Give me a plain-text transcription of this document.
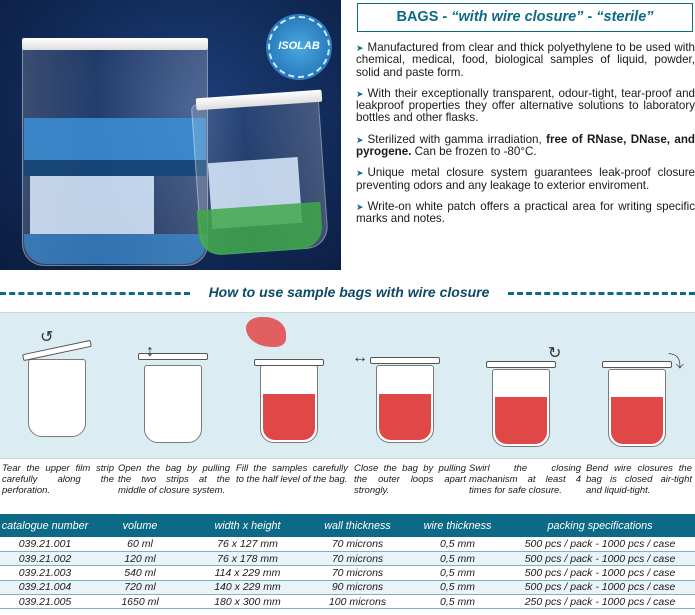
ISOLAB
BAGS - “with wire closure” - “sterile”
➤ Manufactured from clear and thick polyethylene to be used with chemical, medical, food, biological samples of liquid, powder, solid and paste form.
➤ With their exceptionally transparent, odour-tight, tear-proof and leakproof properties they offer alternative solutions to laboratory bottles and other flasks.
➤ Sterilized with gamma irradiation, free of RNase, DNase, and pyrogene. Can be frozen to -80°C.
➤ Unique metal closure system guarantees leak-proof closure preventing odors and any leakage to exterior enviroment.
➤ Write-on white patch offers a practical area for writing specific marks and notes.
How to use sample bags with wire closure
↺
↕	↔	↻
⤵
Tear the upper film strip carefully along the perforation.
Open the bag by pulling the two strips at the middle of closure system.
Fill the samples carefully to the half level of the bag.
Close the bag by pulling the outer loops apart strongly.
Swirl the closing machanism at least 4 times for safe closure.
Bend wire closures the bag is closed air-tight and liquid-tight.
catalogue number	volume	width x height	wall thickness	wire thickness	packing specifications
039.21.001	60 ml	76 x 127 mm	70 microns	0,5 mm	500 pcs / pack - 1000 pcs / case
039.21.002	120 ml	76 x 178 mm	70 microns	0,5 mm	500 pcs / pack - 1000 pcs / case
039.21.003	540 ml	114 x 229 mm	70 microns	0,5 mm	500 pcs / pack - 1000 pcs / case
039.21.004	720 ml	140 x 229 mm	90 microns	0,5 mm	500 pcs / pack - 1000 pcs / case
039.21.005	1650 ml	180 x 300 mm	100 microns	0,5 mm	250 pcs / pack - 1000 pcs / case
